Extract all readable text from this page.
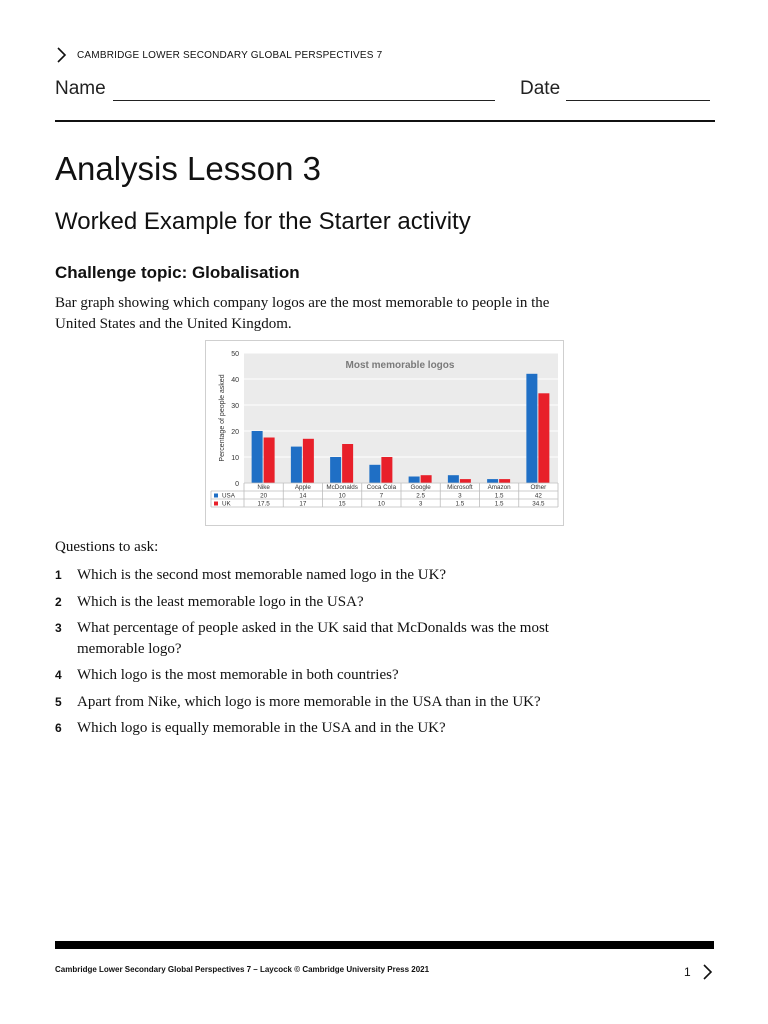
CAMBRIDGE LOWER SECONDARY GLOBAL PERSPECTIVES 7
Name	Date
Analysis Lesson 3
Worked Example for the Starter activity
Challenge topic: Globalisation
Bar graph showing which company logos are the most memorable to people in the United States and the United Kingdom.
0
10
20
30
40
50
Percentage of people asked
Most memorable logos
Nike
20
17.5
Apple
14
17
McDonalds
10
15
Coca Cola
7
10
Google
2.5
3
Microsoft
3
1.5
Amazon
1.5
1.5
Other
42
34.5
USA
UK
Questions to ask:
1 Which is the second most memorable named logo in the UK?
2 Which is the least memorable logo in the USA?
3 What percentage of people asked in the UK said that McDonalds was the most memorable logo?
4 Which logo is the most memorable in both countries?
5 Apart from Nike, which logo is more memorable in the USA than in the UK?
6 Which logo is equally memorable in the USA and in the UK?
Cambridge Lower Secondary Global Perspectives 7 – Laycock © Cambridge University Press 2021	1
